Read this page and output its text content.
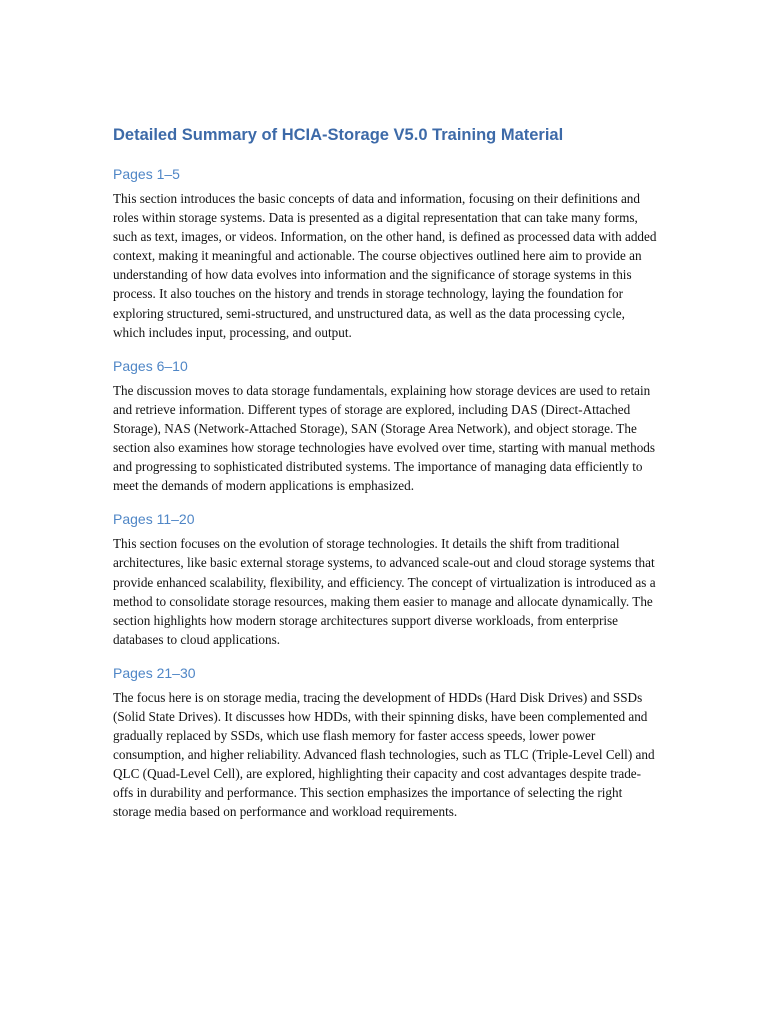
Detailed Summary of HCIA-Storage V5.0 Training Material
Pages 1–5

This section introduces the basic concepts of data and information, focusing on their definitions and roles within storage systems. Data is presented as a digital representation that can take many forms, such as text, images, or videos. Information, on the other hand, is defined as processed data with added context, making it meaningful and actionable. The course objectives outlined here aim to provide an understanding of how data evolves into information and the significance of storage systems in this process. It also touches on the history and trends in storage technology, laying the foundation for exploring structured, semi-structured, and unstructured data, as well as the data processing cycle, which includes input, processing, and output.

Pages 6–10

The discussion moves to data storage fundamentals, explaining how storage devices are used to retain and retrieve information. Different types of storage are explored, including DAS (Direct-Attached Storage), NAS (Network-Attached Storage), SAN (Storage Area Network), and object storage. The section also examines how storage technologies have evolved over time, starting with manual methods and progressing to sophisticated distributed systems. The importance of managing data efficiently to meet the demands of modern applications is emphasized.

Pages 11–20

This section focuses on the evolution of storage technologies. It details the shift from traditional architectures, like basic external storage systems, to advanced scale-out and cloud storage systems that provide enhanced scalability, flexibility, and efficiency. The concept of virtualization is introduced as a method to consolidate storage resources, making them easier to manage and allocate dynamically. The section highlights how modern storage architectures support diverse workloads, from enterprise databases to cloud applications.

Pages 21–30

The focus here is on storage media, tracing the development of HDDs (Hard Disk Drives) and SSDs (Solid State Drives). It discusses how HDDs, with their spinning disks, have been complemented and gradually replaced by SSDs, which use flash memory for faster access speeds, lower power consumption, and higher reliability. Advanced flash technologies, such as TLC (Triple-Level Cell) and QLC (Quad-Level Cell), are explored, highlighting their capacity and cost advantages despite trade-offs in durability and performance. This section emphasizes the importance of selecting the right storage media based on performance and workload requirements.
